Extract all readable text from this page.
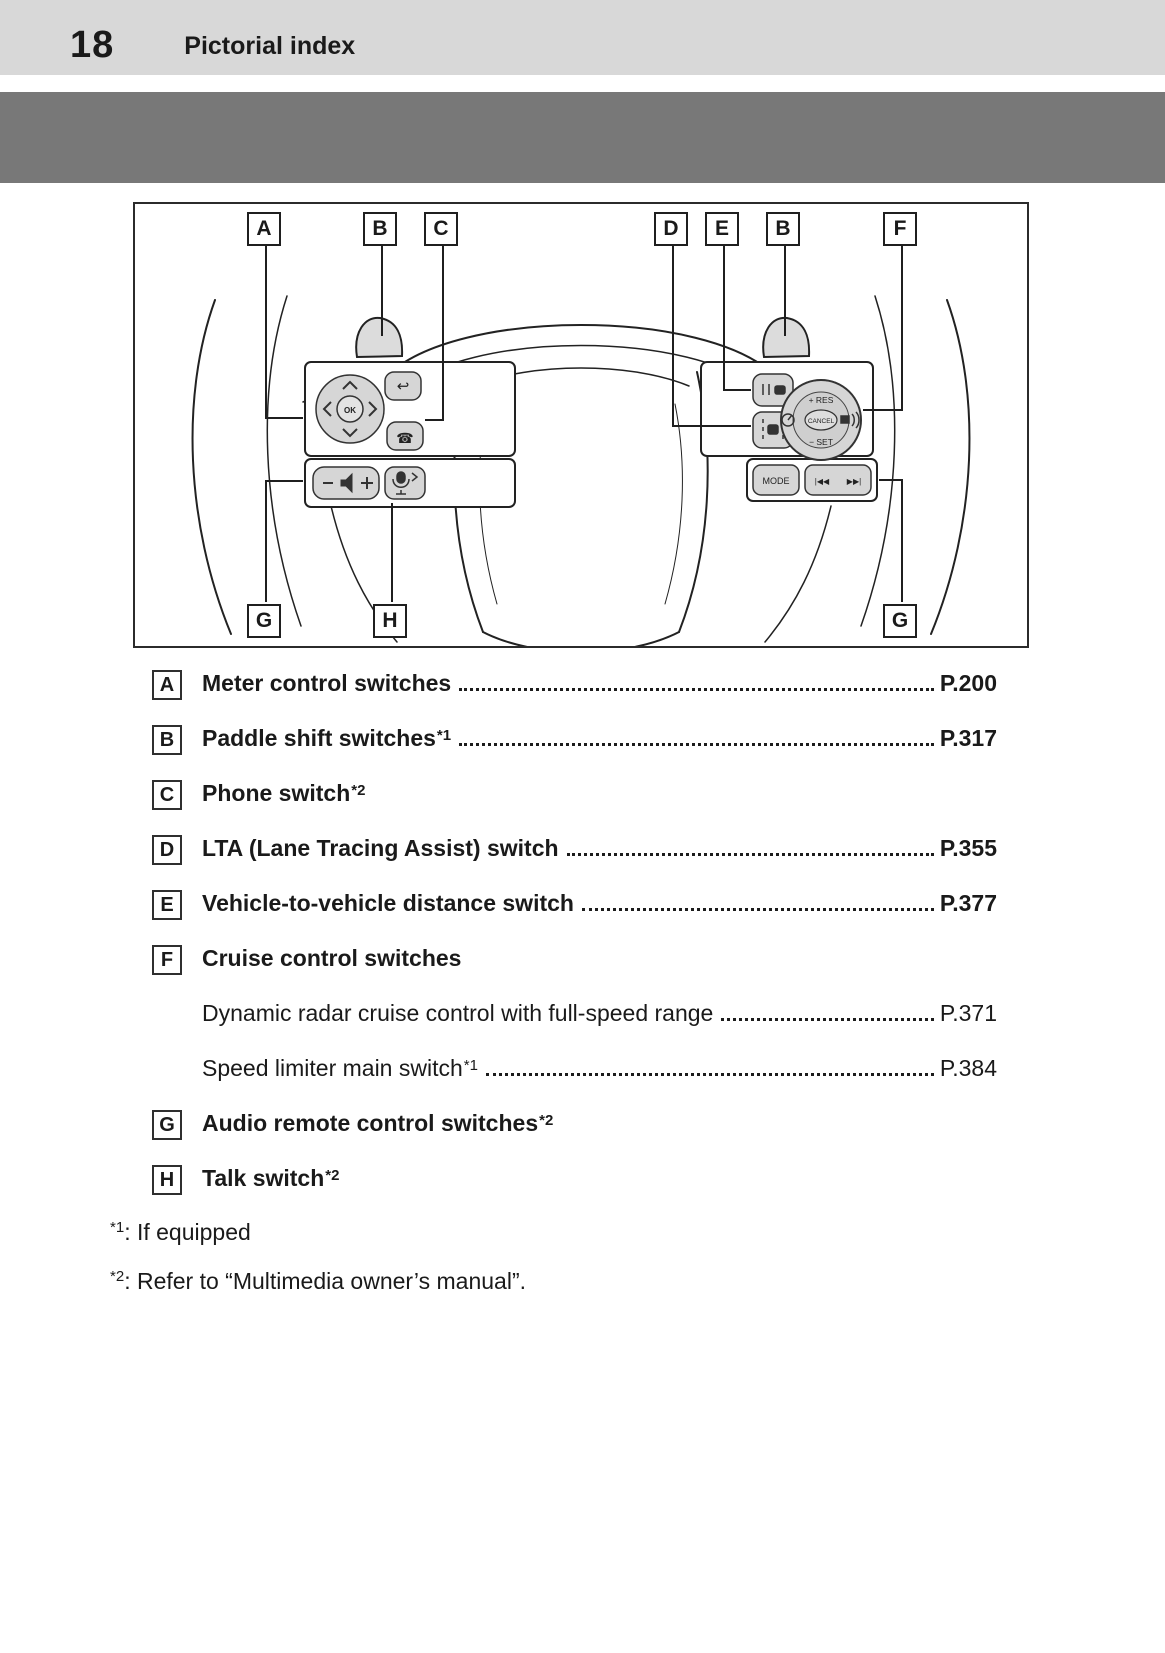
18	Pictorial index
OK
↩
☎
+ RES
CANCEL
− SET
MODE	|◀◀ ▶▶|
A	B	C	D	E	B	F
G	H	G
A	Meter control switches	P.200
B	Paddle shift switches *1	P.317
C	Phone switch *2
D	LTA (Lane Tracing Assist) switch	P.355
E	Vehicle-to-vehicle distance switch	P.377
F	Cruise control switches
Dynamic radar cruise control with full-speed range	P.371
Speed limiter main switch *1	P.384
G	Audio remote control switches *2
H	Talk switch *2
$^{*1}$: If equipped
$^{*2}$: Refer to “Multimedia owner’s manual”.
